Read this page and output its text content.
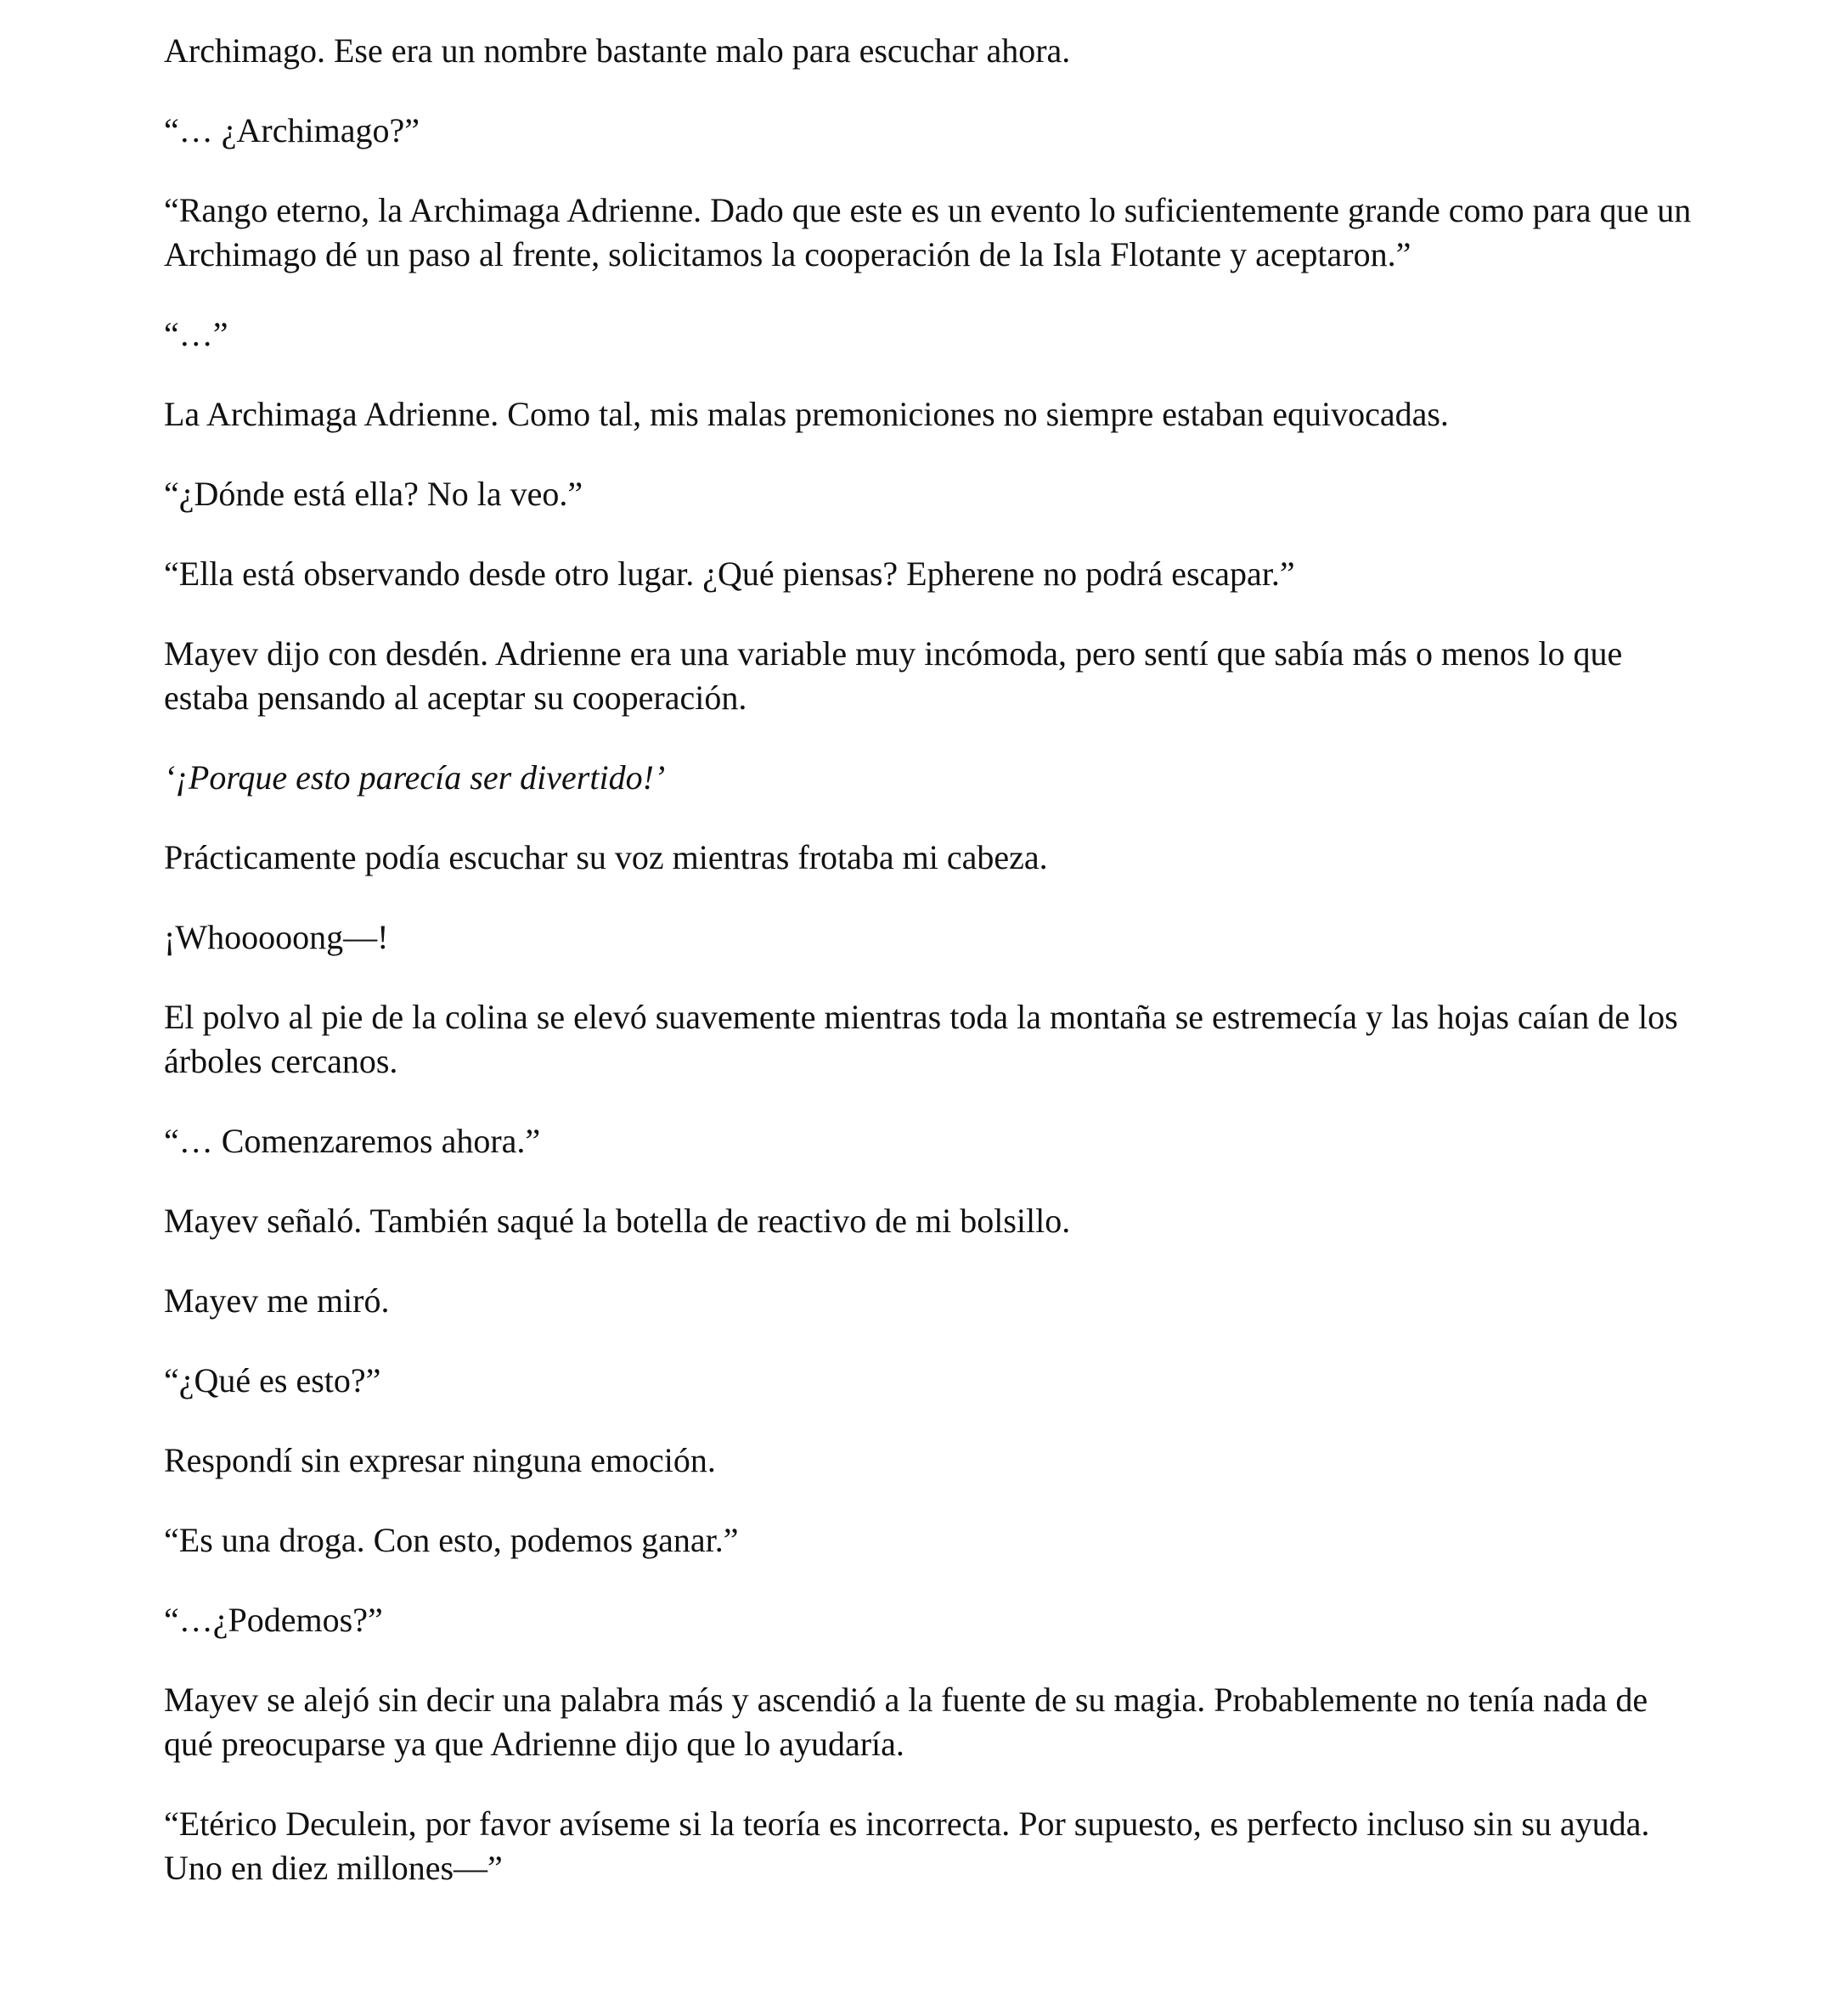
Archimago. Ese era un nombre bastante malo para escuchar ahora.

“… ¿Archimago?”

“Rango eterno, la Archimaga Adrienne. Dado que este es un evento lo suficientemente grande como para que un Archimago dé un paso al frente, solicitamos la cooperación de la Isla Flotante y aceptaron.”

“…”

La Archimaga Adrienne. Como tal, mis malas premoniciones no siempre estaban equivocadas.

“¿Dónde está ella? No la veo.”

“Ella está observando desde otro lugar. ¿Qué piensas? Epherene no podrá escapar.”

Mayev dijo con desdén. Adrienne era una variable muy incómoda, pero sentí que sabía más o menos lo que estaba pensando al aceptar su cooperación.

‘¡Porque esto parecía ser divertido!’

Prácticamente podía escuchar su voz mientras frotaba mi cabeza.

¡Whooooong—!

El polvo al pie de la colina se elevó suavemente mientras toda la montaña se estremecía y las hojas caían de los árboles cercanos.

“… Comenzaremos ahora.”

Mayev señaló. También saqué la botella de reactivo de mi bolsillo.

Mayev me miró.

“¿Qué es esto?”

Respondí sin expresar ninguna emoción.

“Es una droga. Con esto, podemos ganar.”

“…¿Podemos?”

Mayev se alejó sin decir una palabra más y ascendió a la fuente de su magia. Probablemente no tenía nada de qué preocuparse ya que Adrienne dijo que lo ayudaría.

“Etérico Deculein, por favor avíseme si la teoría es incorrecta. Por supuesto, es perfecto incluso sin su ayuda. Uno en diez millones—”
